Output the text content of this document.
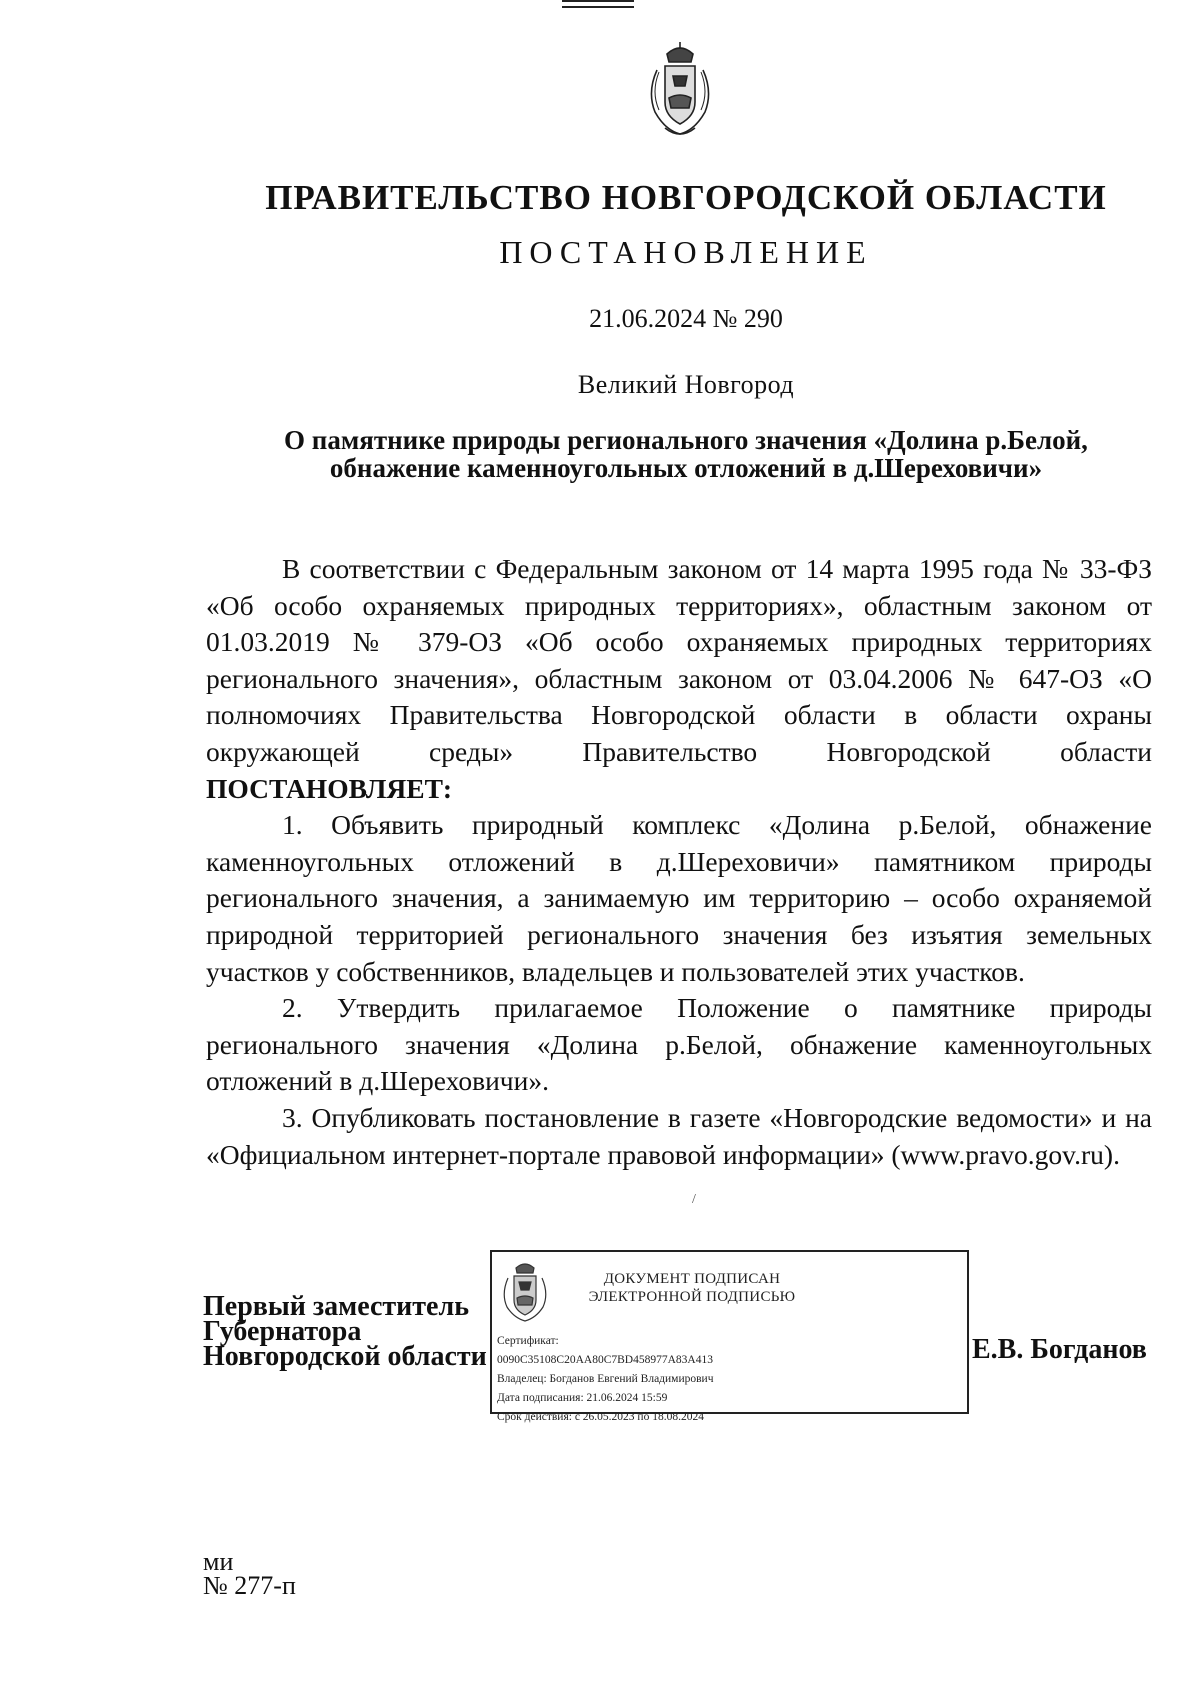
ПРАВИТЕЛЬСТВО НОВГОРОДСКОЙ ОБЛАСТИ
ПОСТАНОВЛЕНИЕ
21.06.2024 № 290
Великий Новгород
О памятнике природы регионального значения «Долина р.Белой, обнажение каменноугольных отложений в д.Шереховичи»

В соответствии с Федеральным законом от 14 марта 1995 года № 33-ФЗ «Об особо охраняемых природных территориях», областным законом от 01.03.2019 № 379-ОЗ «Об особо охраняемых природных территориях регионального значения», областным законом от 03.04.2006 № 647-ОЗ «О полномочиях Правительства Новгородской области в области охраны окружающей среды» Правительство Новгородской области ПОСТАНОВЛЯЕТ:

1. Объявить природный комплекс «Долина р.Белой, обнажение каменноугольных отложений в д.Шереховичи» памятником природы регионального значения, а занимаемую им территорию – особо охраняемой природной территорией регионального значения без изъятия земельных участков у собственников, владельцев и пользователей этих участков.

2. Утвердить прилагаемое Положение о памятнике природы регионального значения «Долина р.Белой, обнажение каменноугольных отложений в д.Шереховичи».

3. Опубликовать постановление в газете «Новгородские ведомости» и на «Официальном интернет-портале правовой информации» (www.pravo.gov.ru).

/
Первый заместитель
Губернатора
Новгородской области
ДОКУМЕНТ ПОДПИСАН
ЭЛЕКТРОННОЙ ПОДПИСЬЮ
Сертификат:
0090C35108C20AA80C7BD458977A83A413
Владелец: Богданов Евгений Владимирович
Дата подписания: 21.06.2024 15:59
Срок действия: с 26.05.2023 по 18.08.2024
Е.В. Богданов
ми
№ 277-п
